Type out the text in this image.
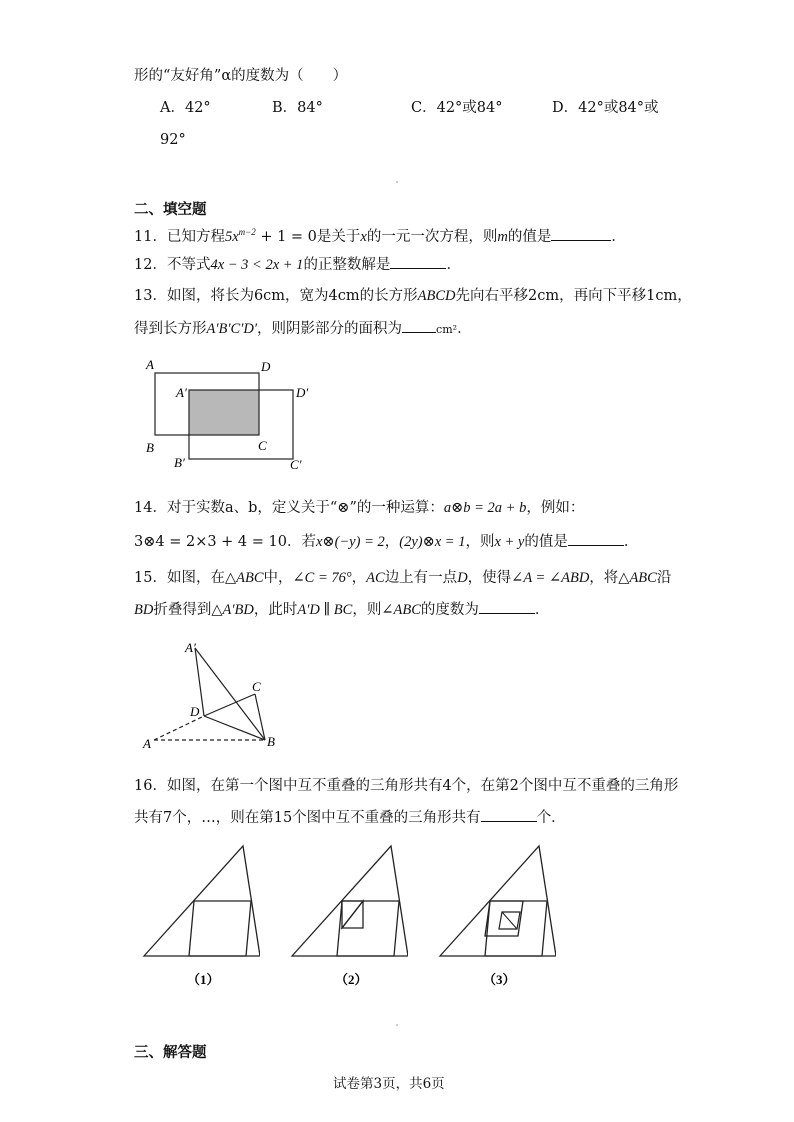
形的“友好角”α的度数为（　　）
A．42°	B．84°	C．42°或84°	D．42°或84°或
92°
二、填空题
11．已知方程$5x^{m-2} + 1 = 0$是关于x的一元一次方程，则m的值是	．
12．不等式4x − 3 < 2x + 1的正整数解是	．
13．如图，将长为6cm，宽为4cm的长方形ABCD先向右平移2cm，再向下平移1cm，
得到长方形A′B′C′D′，则阴影部分的面积为	cm²．
A	D
A′	D′
B	C
B′	C′
14．对于实数a、b，定义关于“⊗”的一种运算：a⊗b = 2a + b，例如：
3⊗4 = 2×3 + 4 = 10．若x⊗(−y) = 2，(2y)⊗x = 1，则x + y的值是	．
15．如图，在△ABC中，∠C = 76°，AC边上有一点D，使得∠A = ∠ABD，将△ABC沿
BD折叠得到△A′BD，此时A′D ∥ BC，则∠ABC的度数为	．
A′
C
D
A	B
16．如图，在第一个图中互不重叠的三角形共有4个，在第2个图中互不重叠的三角形
共有7个，…，则在第15个图中互不重叠的三角形共有	个．
（1）	（2）	（3）
三、解答题
试卷第3页，共6页
